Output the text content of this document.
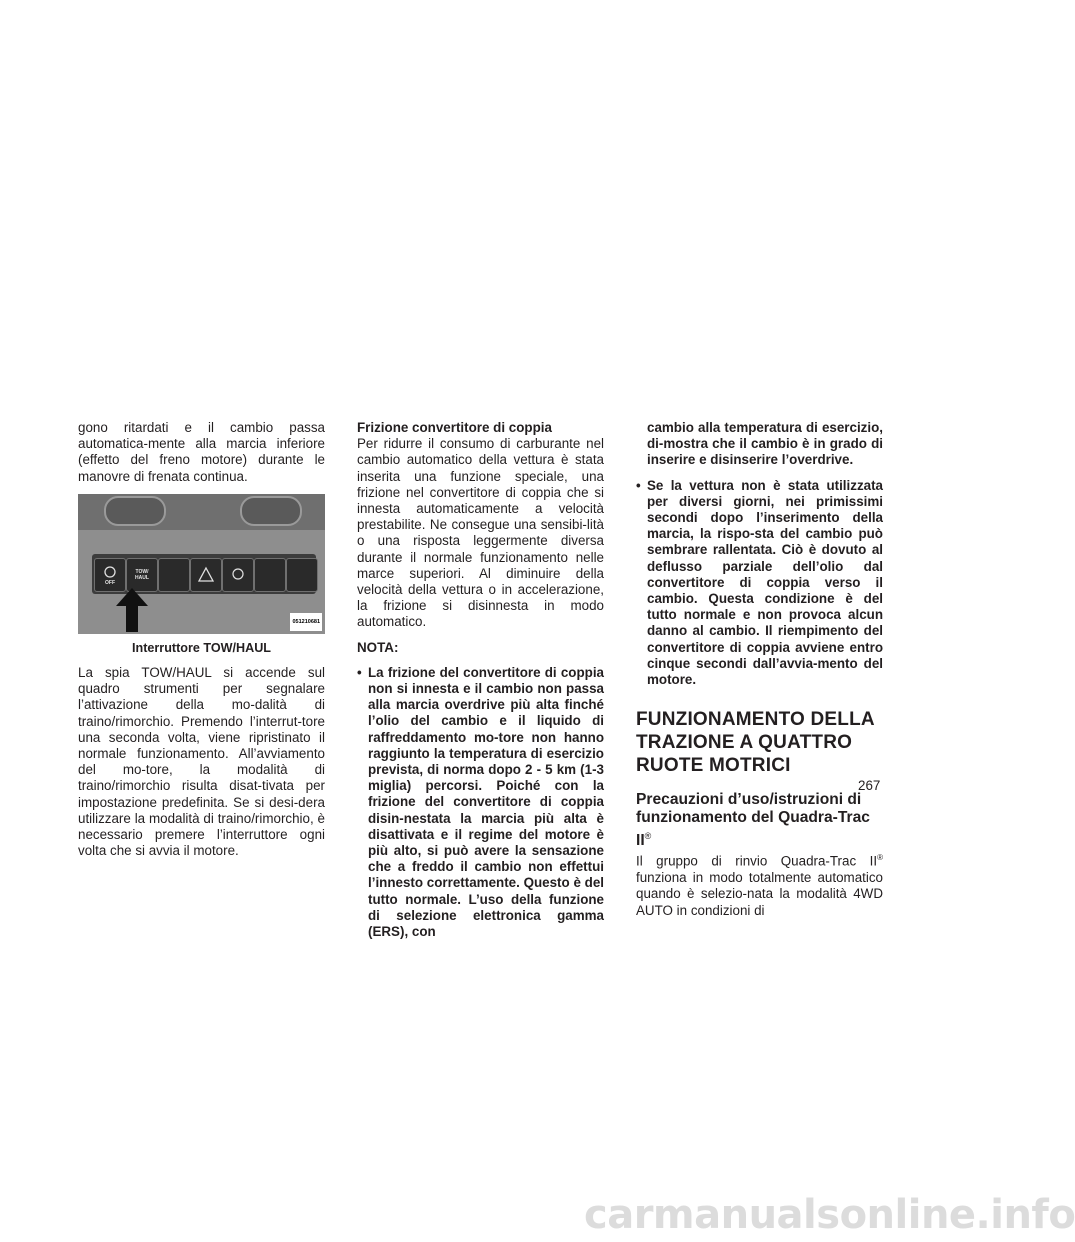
gono ritardati e il cambio passa automatica-mente alla marcia inferiore (effetto del freno motore) durante le manovre di frenata continua.

OFF
TOW/
HAUL
051210681
Interruttore TOW/HAUL

La spia TOW/HAUL si accende sul quadro strumenti per segnalare l’attivazione della mo-dalità di traino/rimorchio. Premendo l’interrut-tore una seconda volta, viene ripristinato il normale funzionamento. All’avviamento del mo-tore, la modalità di traino/rimorchio risulta disat-tivata per impostazione predefinita. Se si desi-dera utilizzare la modalità di traino/rimorchio, è necessario premere l’interruttore ogni volta che si avvia il motore.

Frizione convertitore di coppia

Per ridurre il consumo di carburante nel cambio automatico della vettura è stata inserita una funzione speciale, una frizione nel convertitore di coppia che si innesta automaticamente a velocità prestabilite. Ne consegue una sensibi-lità o una risposta leggermente diversa durante il normale funzionamento nelle marce superiori. Al diminuire della velocità della vettura o in accelerazione, la frizione si disinnesta in modo automatico.

NOTA:

• La frizione del convertitore di coppia non si innesta e il cambio non passa alla marcia overdrive più alta finché l’olio del cambio e il liquido di raffreddamento mo-tore non hanno raggiunto la temperatura di esercizio prevista, di norma dopo 2 - 5 km (1-3 miglia) percorsi. Poiché con la frizione del convertitore di coppia disin-nestata la marcia più alta è disattivata e il regime del motore è più alto, si può avere la sensazione che a freddo il cambio non effettui l’innesto correttamente. Questo è del tutto normale. L’uso della funzione di selezione elettronica gamma (ERS), con
cambio alla temperatura di esercizio, di-mostra che il cambio è in grado di inserire e disinserire l’overdrive.
• Se la vettura non è stata utilizzata per diversi giorni, nei primissimi secondi dopo l’inserimento della marcia, la rispo-sta del cambio può sembrare rallentata. Ciò è dovuto al deflusso parziale dell’olio dal convertitore di coppia verso il cambio. Questa condizione è del tutto normale e non provoca alcun danno al cambio. Il riempimento del convertitore di coppia avviene entro cinque secondi dall’avvia-mento del motore.
FUNZIONAMENTO DELLA TRAZIONE A QUATTRO RUOTE MOTRICI
Precauzioni d’uso/istruzioni di funzionamento del Quadra-Trac II®

Il gruppo di rinvio Quadra-Trac II® funziona in modo totalmente automatico quando è selezio-nata la modalità 4WD AUTO in condizioni di

267
carmanualsonline.info
